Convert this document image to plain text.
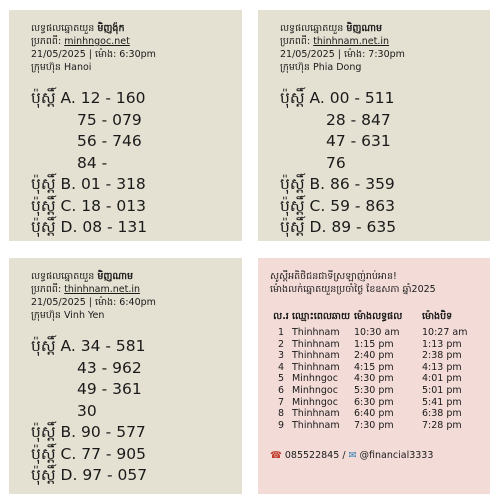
លទ្ធផលឆ្នោតយួន មិញង៉ុក
ប្រភពពី: minhngoc.net
21/05/2025 | ម៉ោង: 6:30pm
ក្រុមហ៊ុន Hanoi
ប៉ុស្តិ៍ A. 12 - 160
75 - 079
56 - 746
84 -
ប៉ុស្តិ៍ B. 01 - 318
ប៉ុស្តិ៍ C. 18 - 013
ប៉ុស្តិ៍ D. 08 - 131
លទ្ធផលឆ្នោតយួន មិញណាម
ប្រភពពី: thinhnam.net.in
21/05/2025 | ម៉ោង: 7:30pm
ក្រុមហ៊ុន Phia Dong
ប៉ុស្តិ៍ A. 00 - 511
28 - 847
47 - 631
76
ប៉ុស្តិ៍ B. 86 - 359
ប៉ុស្តិ៍ C. 59 - 863
ប៉ុស្តិ៍ D. 89 - 635
លទ្ធផលឆ្នោតយួន មិញណាម
ប្រភពពី: thinhnam.net.in
21/05/2025 | ម៉ោង: 6:40pm
ក្រុមហ៊ុន Vinh Yen
ប៉ុស្តិ៍ A. 34 - 581
43 - 962
49 - 361
30
ប៉ុស្តិ៍ B. 90 - 577
ប៉ុស្តិ៍ C. 77 - 905
ប៉ុស្តិ៍ D. 97 - 057
សូស្តីអតិថិជនជាទីស្រឡាញ់រាប់អាន!
ម៉ោងលក់ឆ្នោតយួនប្រចាំថ្ងៃ ខែឧសភា ឆ្នាំ2025
ល.រ	ឈ្មោះពេលឆាយ	ម៉ោងលទ្ធផល	ម៉ោងបិទ
1	Thinhnam	10:30 am	10:27 am
2	Thinhnam	1:15 pm	1:13 pm
3	Thinhnam	2:40 pm	2:38 pm
4	Thinhnam	4:15 pm	4:13 pm
5	Minhngoc	4:30 pm	4:01 pm
6	Minhngoc	5:30 pm	5:01 pm
7	Minhngoc	6:30 pm	5:41 pm
8	Thinhnam	6:40 pm	6:38 pm
9	Thinhnam	7:30 pm	7:28 pm
☎ 085522845 / ✉ @financial3333
